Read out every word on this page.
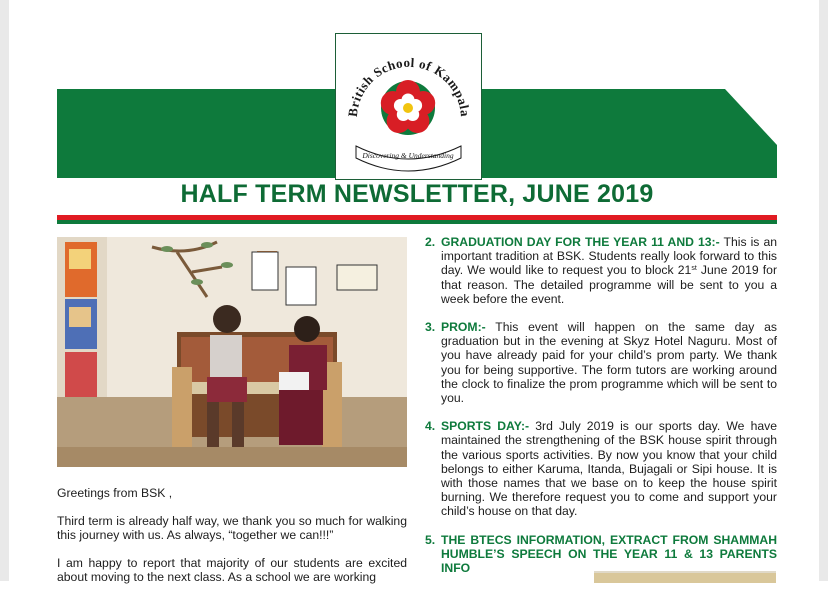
HALF TERM NEWSLETTER, JUNE 2019
British School of Kampala
Discovering & Understanding

Greetings from BSK ,

Third term is already half way, we thank you so much for walking this journey with us. As always, “together we can!!!”

I am happy to report that majority of our students are excited about moving to the next class. As a school we are working

2. GRADUATION DAY FOR THE YEAR 11 AND 13:- This is an important tradition at BSK. Students really look forward to this day. We would like to request you to block 21st June 2019 for that reason. The detailed programme will be sent to you a week before the event.
3. PROM:- This event will happen on the same day as graduation but in the evening at Skyz Hotel Naguru. Most of you have already paid for your child’s prom party. We thank you for being supportive. The form tutors are working around the clock to finalize the prom programme which will be sent to you.
4. SPORTS DAY:- 3rd July 2019 is our sports day. We have maintained the strengthening of the BSK house spirit through the various sports activities. By now you know that your child belongs to either Karuma, Itanda, Bujagali or Sipi house. It is with those names that we base on to keep the house spirit burning. We therefore request you to come and support your child’s house on that day.
5. THE BTECS INFORMATION, EXTRACT FROM SHAMMAH HUMBLE’S SPEECH ON THE YEAR 11 & 13 PARENTS INFO
